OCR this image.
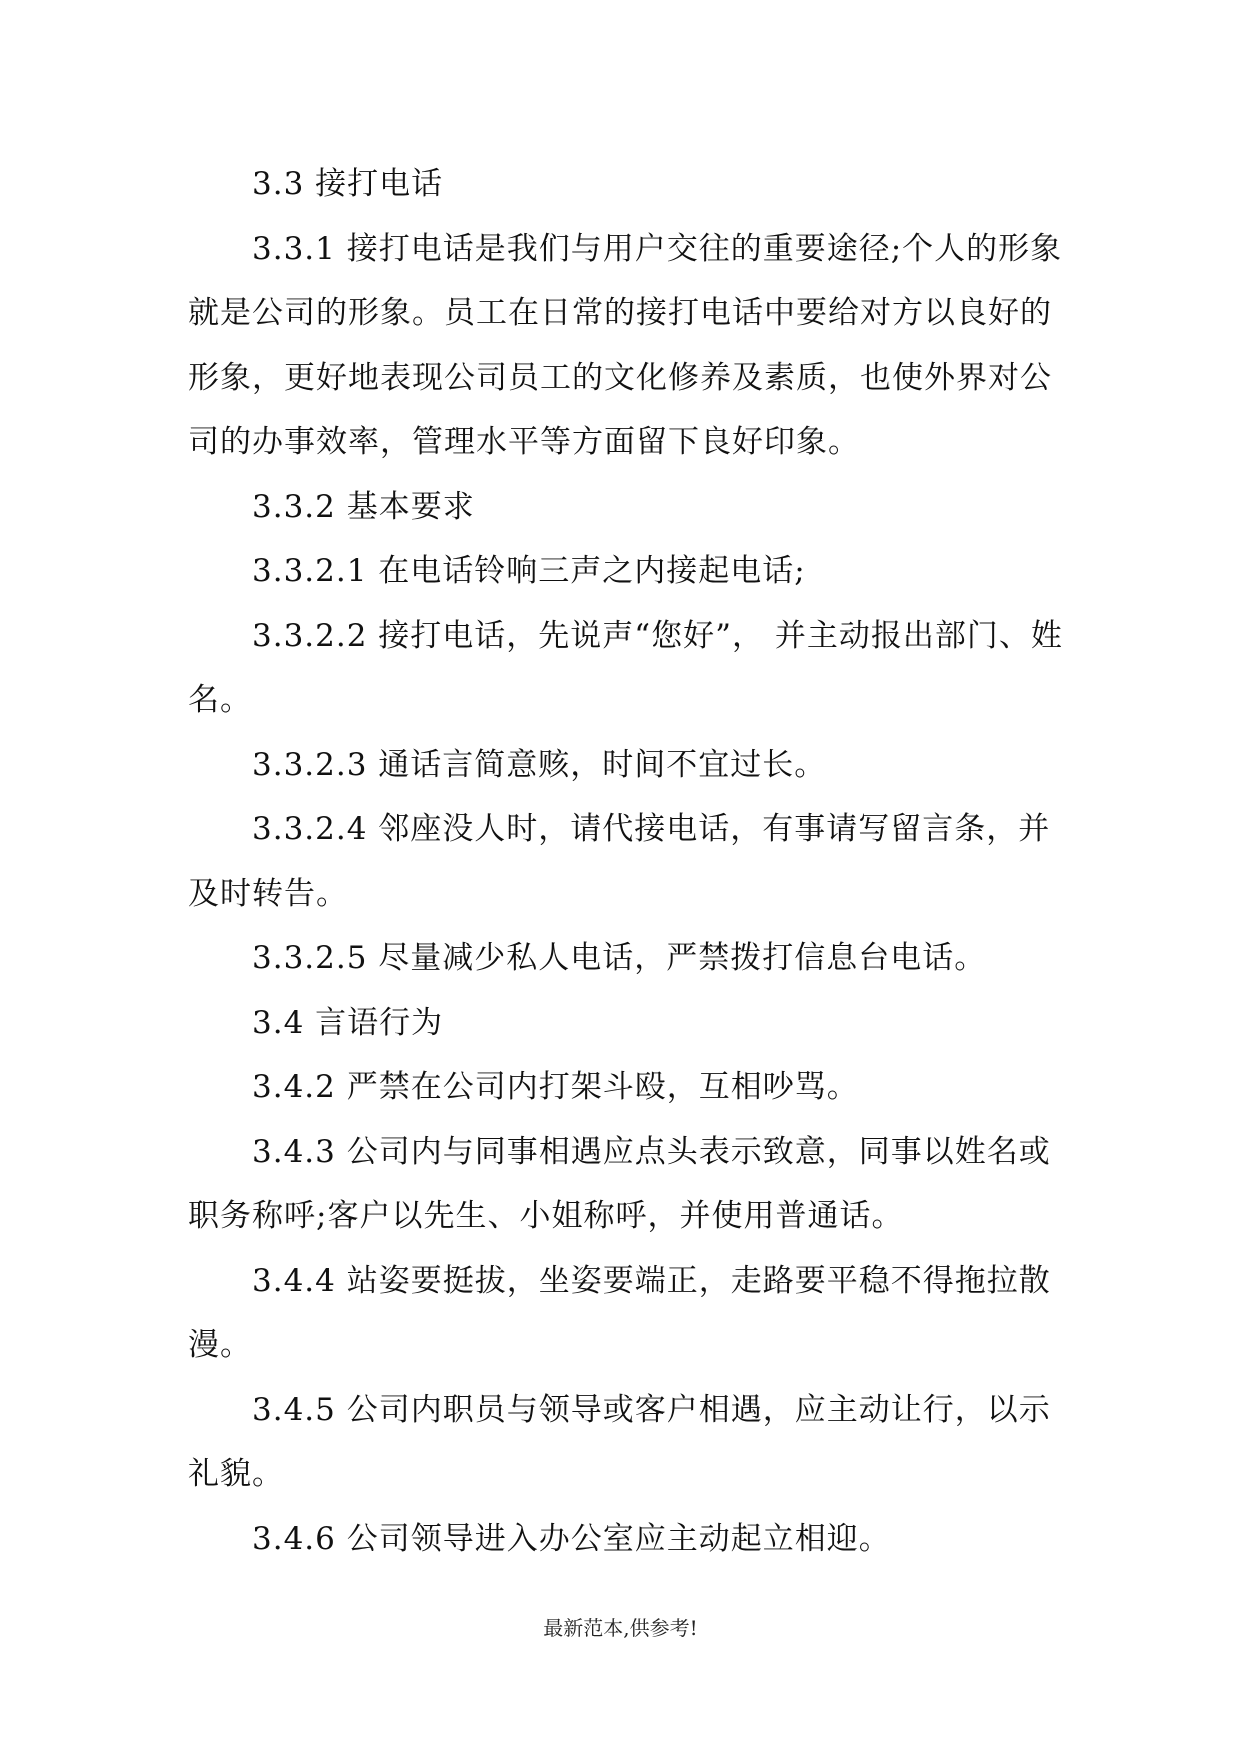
3.3 接打电话

3.3.1 接打电话是我们与用户交往的重要途径;个人的形象就是公司的形象。员工在日常的接打电话中要给对方以良好的形象，更好地表现公司员工的文化修养及素质，也使外界对公司的办事效率，管理水平等方面留下良好印象。

3.3.2 基本要求

3.3.2.1 在电话铃响三声之内接起电话;

3.3.2.2 接打电话，先说声“您好”， 并主动报出部门、姓名。

3.3.2.3 通话言简意赅，时间不宜过长。

3.3.2.4 邻座没人时，请代接电话，有事请写留言条，并及时转告。

3.3.2.5 尽量减少私人电话，严禁拨打信息台电话。

3.4 言语行为

3.4.2 严禁在公司内打架斗殴，互相吵骂。

3.4.3 公司内与同事相遇应点头表示致意，同事以姓名或职务称呼;客户以先生、小姐称呼，并使用普通话。

3.4.4 站姿要挺拔，坐姿要端正，走路要平稳不得拖拉散漫。

3.4.5 公司内职员与领导或客户相遇，应主动让行，以示礼貌。

3.4.6 公司领导进入办公室应主动起立相迎。

最新范本,供参考!
